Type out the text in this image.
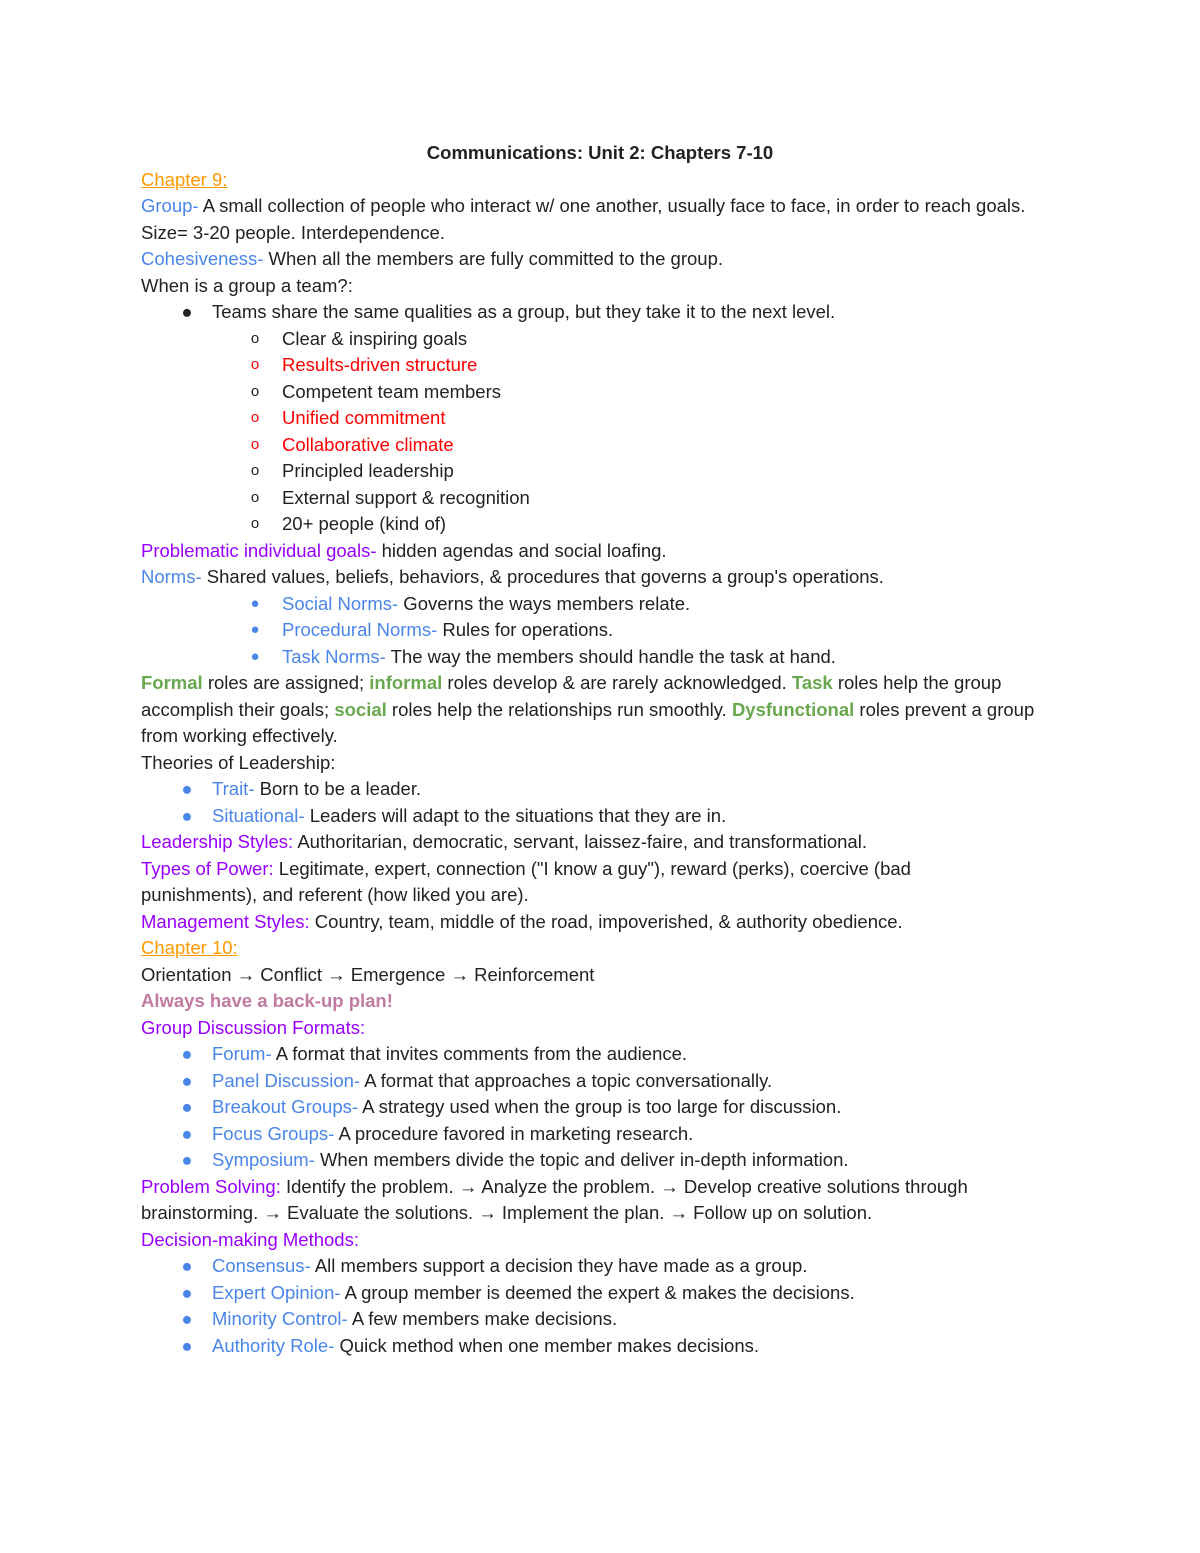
Communications: Unit 2: Chapters 7-10
Chapter 9:
Group- A small collection of people who interact w/ one another, usually face to face, in order to reach goals. Size= 3-20 people. Interdependence.
Cohesiveness- When all the members are fully committed to the group.
When is a group a team?:
● Teams share the same qualities as a group, but they take it to the next level.
o	Clear & inspiring goals
o	Results-driven structure
o	Competent team members
o	Unified commitment
o	Collaborative climate
o	Principled leadership
o	External support & recognition
o	20+ people (kind of)
Problematic individual goals- hidden agendas and social loafing.
Norms- Shared values, beliefs, behaviors, & procedures that governs a group's operations.
● Social Norms- Governs the ways members relate.
● Procedural Norms- Rules for operations.
● Task Norms- The way the members should handle the task at hand.
Formal roles are assigned; informal roles develop & are rarely acknowledged. Task roles help the group accomplish their goals; social roles help the relationships run smoothly. Dysfunctional roles prevent a group from working effectively.
Theories of Leadership:
● Trait- Born to be a leader.
● Situational- Leaders will adapt to the situations that they are in.
Leadership Styles: Authoritarian, democratic, servant, laissez-faire, and transformational.
Types of Power: Legitimate, expert, connection ("I know a guy"), reward (perks), coercive (bad punishments), and referent (how liked you are).
Management Styles: Country, team, middle of the road, impoverished, & authority obedience.
Chapter 10:
Orientation → Conflict → Emergence → Reinforcement
Always have a back-up plan!
Group Discussion Formats:
● Forum- A format that invites comments from the audience.
● Panel Discussion- A format that approaches a topic conversationally.
● Breakout Groups- A strategy used when the group is too large for discussion.
● Focus Groups- A procedure favored in marketing research.
● Symposium- When members divide the topic and deliver in-depth information.
Problem Solving: Identify the problem. → Analyze the problem. → Develop creative solutions through brainstorming. → Evaluate the solutions. → Implement the plan. → Follow up on solution.
Decision-making Methods:
● Consensus- All members support a decision they have made as a group.
● Expert Opinion- A group member is deemed the expert & makes the decisions.
● Minority Control- A few members make decisions.
● Authority Role- Quick method when one member makes decisions.
